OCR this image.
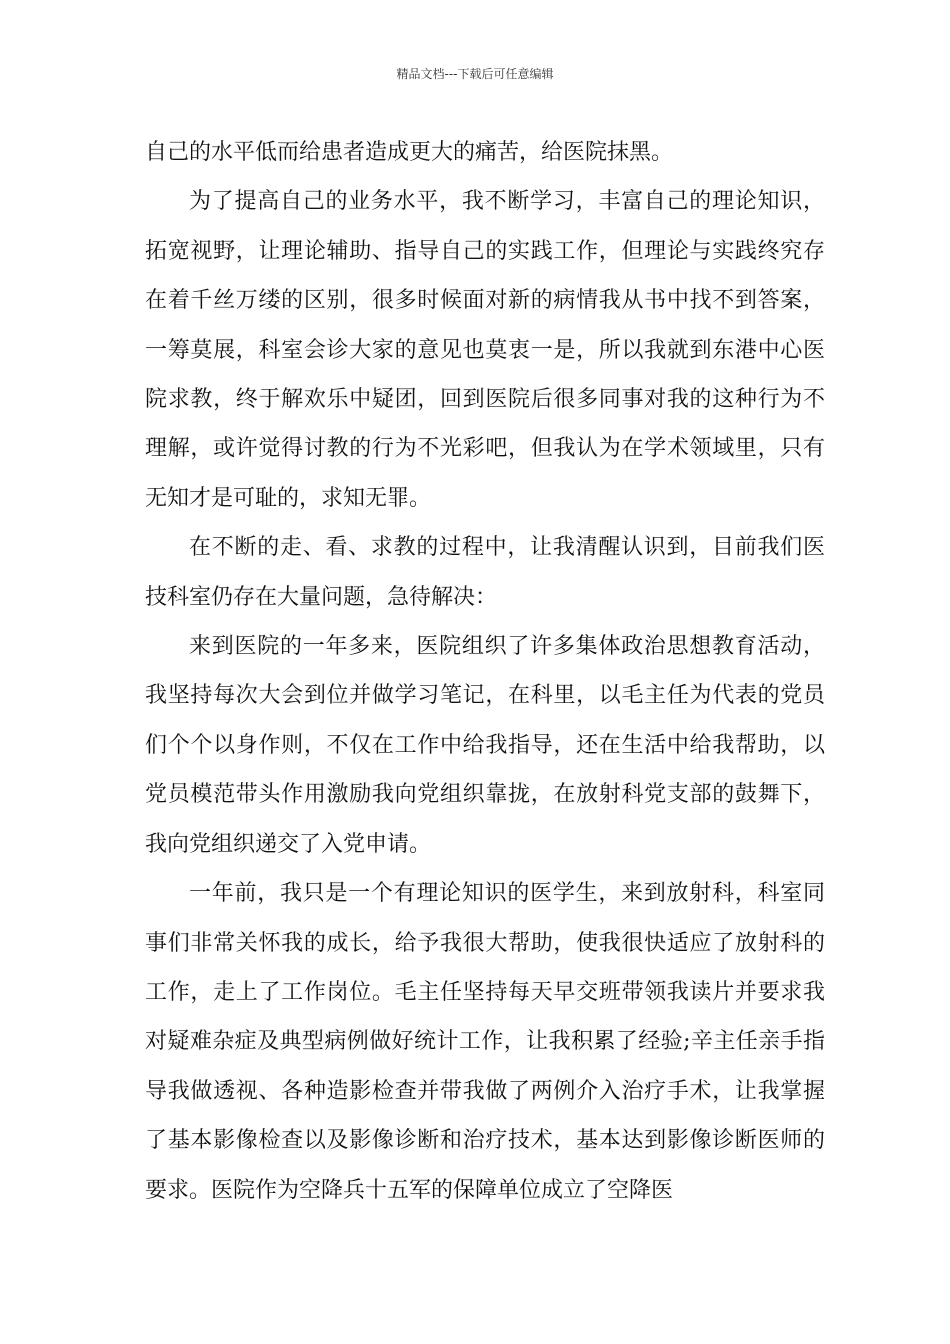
精品文档---下载后可任意编辑

自己的水平低而给患者造成更大的痛苦，给医院抹黑。

为了提高自己的业务水平，我不断学习，丰富自己的理论知识，拓宽视野，让理论辅助、指导自己的实践工作，但理论与实践终究存在着千丝万缕的区别，很多时候面对新的病情我从书中找不到答案，一筹莫展，科室会诊大家的意见也莫衷一是，所以我就到东港中心医院求教，终于解欢乐中疑团，回到医院后很多同事对我的这种行为不理解，或许觉得讨教的行为不光彩吧，但我认为在学术领域里，只有无知才是可耻的，求知无罪。

在不断的走、看、求教的过程中，让我清醒认识到，目前我们医技科室仍存在大量问题，急待解决：

来到医院的一年多来，医院组织了许多集体政治思想教育活动，我坚持每次大会到位并做学习笔记，在科里，以毛主任为代表的党员们个个以身作则，不仅在工作中给我指导，还在生活中给我帮助，以党员模范带头作用激励我向党组织靠拢，在放射科党支部的鼓舞下，我向党组织递交了入党申请。

一年前，我只是一个有理论知识的医学生，来到放射科，科室同事们非常关怀我的成长，给予我很大帮助，使我很快适应了放射科的工作，走上了工作岗位。毛主任坚持每天早交班带领我读片并要求我对疑难杂症及典型病例做好统计工作，让我积累了经验;辛主任亲手指导我做透视、各种造影检查并带我做了两例介入治疗手术，让我掌握了基本影像检查以及影像诊断和治疗技术，基本达到影像诊断医师的要求。医院作为空降兵十五军的保障单位成立了空降医
